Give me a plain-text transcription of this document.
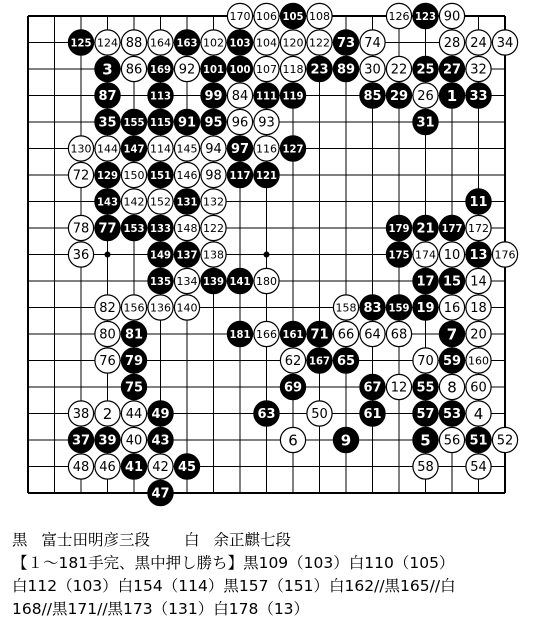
170 106 105 108	126 123 90
125 124 88 164 163 102 103 104 120 122 73 74	28 24 34
3 86 169 92 101 100 107 118 23 89 30 22 25 27 32
87	113	99 84 111 119	85 29 26 1 33
35 155 115 91 95 96 93	31
130 144 147 114 145 94 97 116 127
72 129 150 151 146 98 117 121
143 142 152 131 132	11
78 77 153 133 148 122	179 21 177 172
36	149 137 138	175 174 10 13 176
135 134 139 141 180	17 15 14
82 156 136 140	158 83 159 19 16 18
80 81	181 166 161 71 66 64 68	7 20
76 79	62 167 65	70 59 160
75	69	67 12 55 8 60
38 2 44 49	63	50	61	57 53 4
37 39 40 43	6	9	5 56 51 52
48 46 41 42 45	58	54
47
黒 富士田明彦三段 白 余正麒七段
【１～181手完、黒中押し勝ち】黒109（103）白110（105）
白112（103）白154（114）黒157（151）白162//黒165//白
168//黒171//黒173（131）白178（13）
